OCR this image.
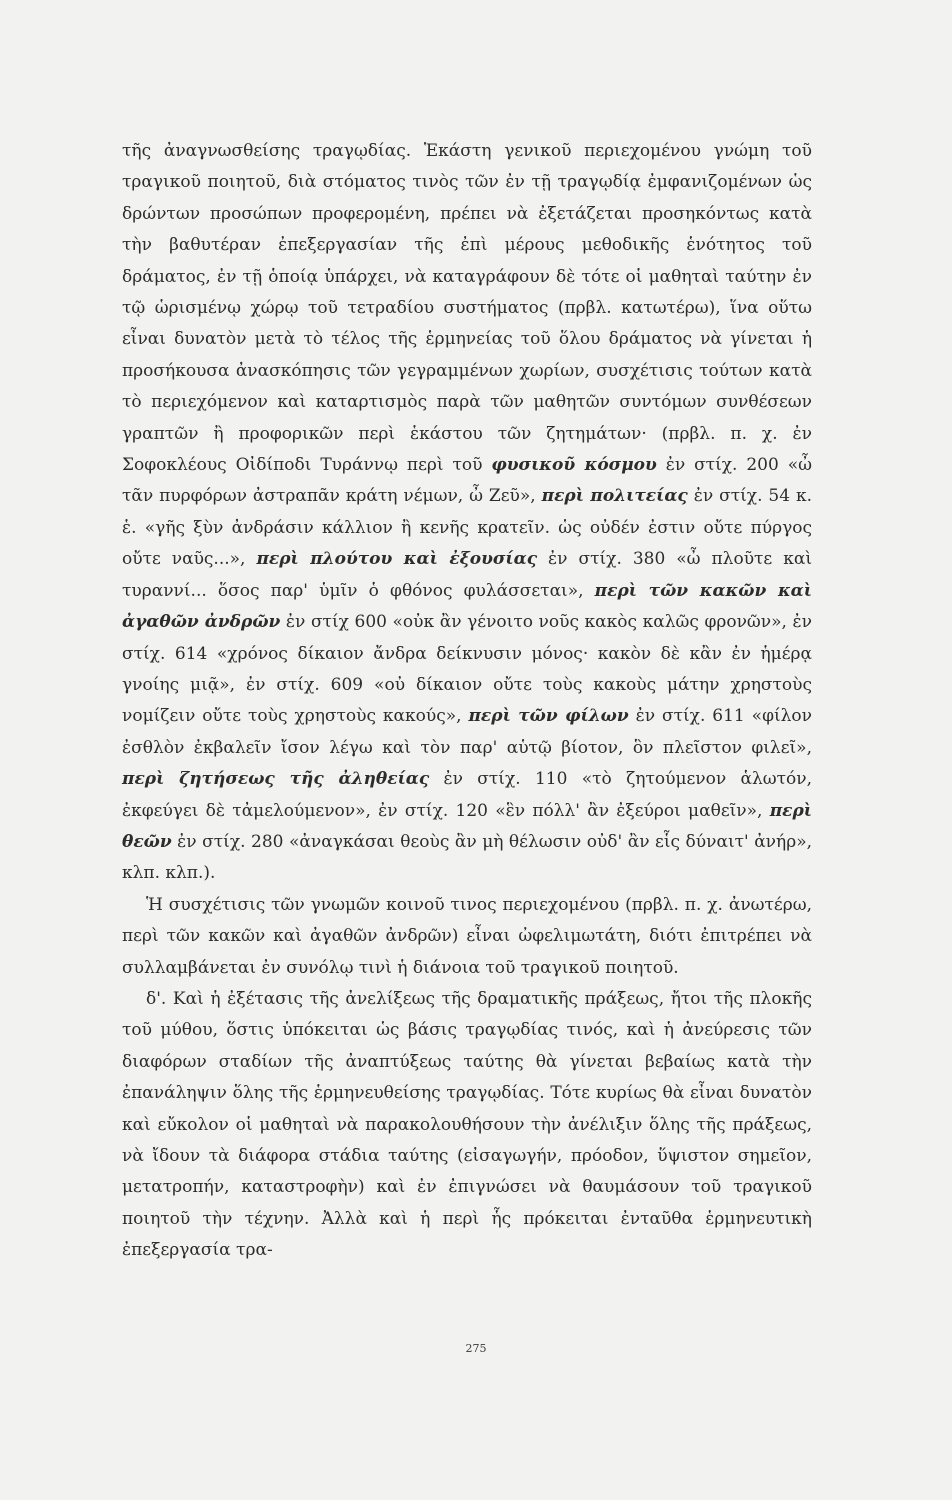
τῆς ἀναγνωσθείσης τραγῳδίας. Ἑκάστη γενικοῦ περιεχομένου γνώμη τοῦ τραγικοῦ ποιητοῦ, διὰ στόματος τινὸς τῶν ἐν τῇ τραγῳδίᾳ ἐμφανιζομένων ὡς δρώντων προσώπων προφερομένη, πρέπει νὰ ἐξετάζεται προσηκόντως κατὰ τὴν βαθυτέραν ἐπεξεργασίαν τῆς ἐπὶ μέρους μεθοδικῆς ἑνότητος τοῦ δράματος, ἐν τῇ ὁποίᾳ ὑπάρχει, νὰ καταγράφουν δὲ τότε οἱ μαθηταὶ ταύτην ἐν τῷ ὡρισμένῳ χώρῳ τοῦ τετραδίου συστήματος (πρβλ. κατωτέρω), ἵνα οὕτω εἶναι δυνατὸν μετὰ τὸ τέλος τῆς ἑρμηνείας τοῦ ὅλου δράματος νὰ γίνεται ἡ προσήκουσα ἀνασκόπησις τῶν γεγραμμένων χωρίων, συσχέτισις τούτων κατὰ τὸ περιεχόμενον καὶ καταρτισμὸς παρὰ τῶν μαθητῶν συντόμων συνθέσεων γραπτῶν ἢ προφορικῶν περὶ ἑκάστου τῶν ζητημάτων· (πρβλ. π. χ. ἐν Σοφοκλέους Οἰδίποδι Τυράννῳ περὶ τοῦ φυσικοῦ κόσμου ἐν στίχ. 200 «ὦ τᾶν πυρφόρων ἀστραπᾶν κράτη νέμων, ὦ Ζεῦ», περὶ πολιτείας ἐν στίχ. 54 κ. ἑ. «γῆς ξὺν ἀνδράσιν κάλλιον ἢ κενῆς κρατεῖν. ὡς οὐδέν ἐστιν οὔτε πύργος οὔτε ναῦς...», περὶ πλούτου καὶ ἐξουσίας ἐν στίχ. 380 «ὦ πλοῦτε καὶ τυραννί... ὅσος παρ' ὑμῖν ὁ φθόνος φυλάσσεται», περὶ τῶν κακῶν καὶ ἀγαθῶν ἀνδρῶν ἐν στίχ 600 «οὐκ ἂν γένοιτο νοῦς κακὸς καλῶς φρονῶν», ἐν στίχ. 614 «χρόνος δίκαιον ἄνδρα δείκνυσιν μόνος· κακὸν δὲ κἂν ἐν ἡμέρᾳ γνοίης μιᾷ», ἐν στίχ. 609 «οὐ δίκαιον οὔτε τοὺς κακοὺς μάτην χρηστοὺς νομίζειν οὔτε τοὺς χρηστοὺς κακούς», περὶ τῶν φίλων ἐν στίχ. 611 «φίλον ἐσθλὸν ἐκβαλεῖν ἴσον λέγω καὶ τὸν παρ' αὑτῷ βίοτον, ὃν πλεῖστον φιλεῖ», περὶ ζητήσεως τῆς ἀληθείας ἐν στίχ. 110 «τὸ ζητούμενον ἁλωτόν, ἐκφεύγει δὲ τἀμελούμενον», ἐν στίχ. 120 «ἓν πόλλ' ἂν ἐξεύροι μαθεῖν», περὶ θεῶν ἐν στίχ. 280 «ἀναγκάσαι θεοὺς ἂν μὴ θέλωσιν οὐδ' ἂν εἷς δύναιτ' ἀνήρ», κλπ. κλπ.).

Ἡ συσχέτισις τῶν γνωμῶν κοινοῦ τινος περιεχομένου (πρβλ. π. χ. ἀνωτέρω, περὶ τῶν κακῶν καὶ ἀγαθῶν ἀνδρῶν) εἶναι ὠφελιμωτάτη, διότι ἐπιτρέπει νὰ συλλαμβάνεται ἐν συνόλῳ τινὶ ἡ διάνοια τοῦ τραγικοῦ ποιητοῦ.

δ'. Καὶ ἡ ἐξέτασις τῆς ἀνελίξεως τῆς δραματικῆς πράξεως, ἤτοι τῆς πλοκῆς τοῦ μύθου, ὅστις ὑπόκειται ὡς βάσις τραγῳδίας τινός, καὶ ἡ ἀνεύρεσις τῶν διαφόρων σταδίων τῆς ἀναπτύξεως ταύτης θὰ γίνεται βεβαίως κατὰ τὴν ἐπανάληψιν ὅλης τῆς ἑρμηνευθείσης τραγῳδίας. Τότε κυρίως θὰ εἶναι δυνατὸν καὶ εὔκολον οἱ μαθηταὶ νὰ παρακολουθήσουν τὴν ἀνέλιξιν ὅλης τῆς πράξεως, νὰ ἴδουν τὰ διάφορα στάδια ταύτης (εἰσαγωγήν, πρόοδον, ὕψιστον σημεῖον, μετατροπήν, καταστροφὴν) καὶ ἐν ἐπιγνώσει νὰ θαυμάσουν τοῦ τραγικοῦ ποιητοῦ τὴν τέχνην. Ἀλλὰ καὶ ἡ περὶ ἧς πρόκειται ἐνταῦθα ἑρμηνευτικὴ ἐπεξεργασία τρα-

275
